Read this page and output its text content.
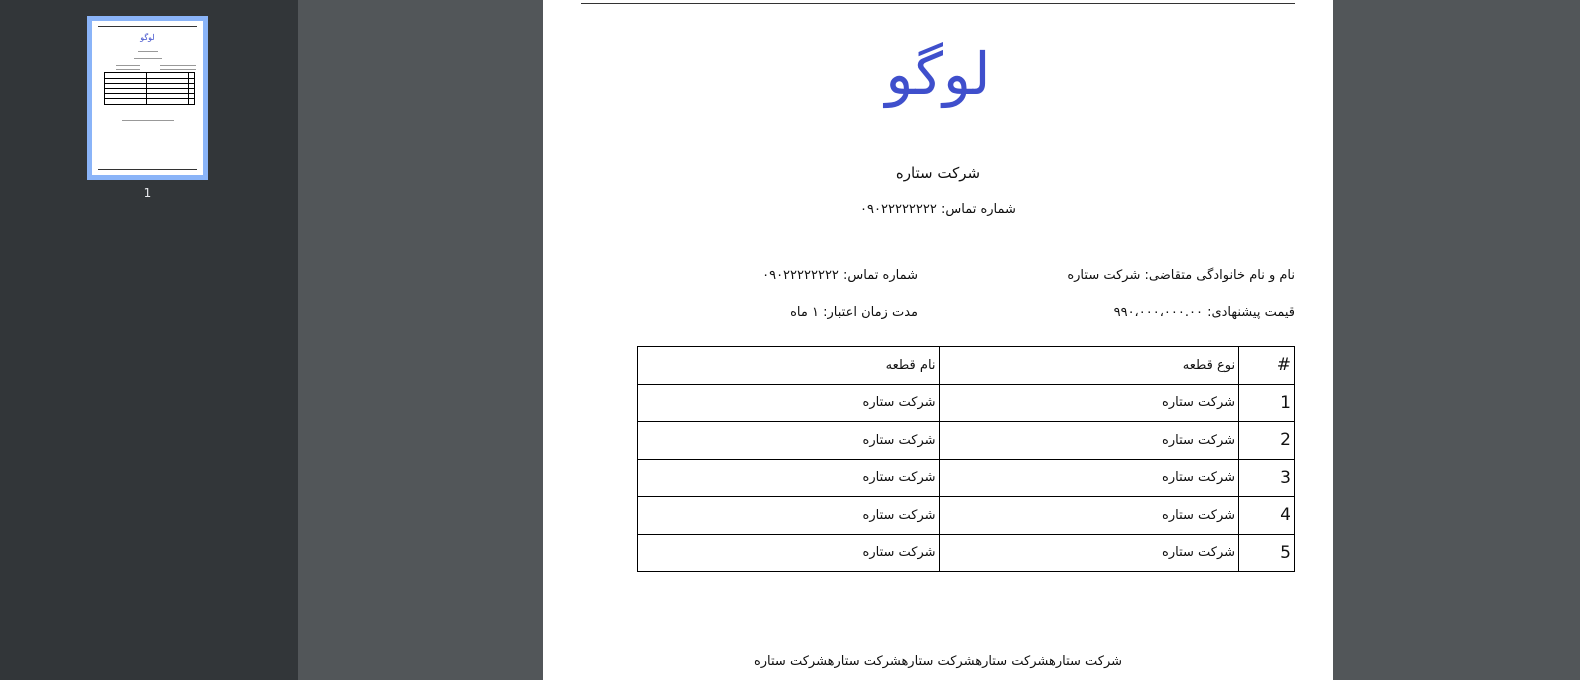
لوگو
1
لوگو
شرکت ستاره
شماره تماس: ۰۹۰۲۲۲۲۲۲۲۲
نام و نام خانوادگی متقاضی: شرکت ستاره
شماره تماس: ۰۹۰۲۲۲۲۲۲۲۲
قیمت پیشنهادی: ۹۹۰،۰۰۰،۰۰۰.۰۰
مدت زمان اعتبار: ۱ ماه
#	نوع قطعه	نام قطعه
1	شرکت ستاره	شرکت ستاره
2	شرکت ستاره	شرکت ستاره
3	شرکت ستاره	شرکت ستاره
4	شرکت ستاره	شرکت ستاره
5	شرکت ستاره	شرکت ستاره
شرکت ستارهشرکت ستارهشرکت ستارهشرکت ستارهشرکت ستاره
